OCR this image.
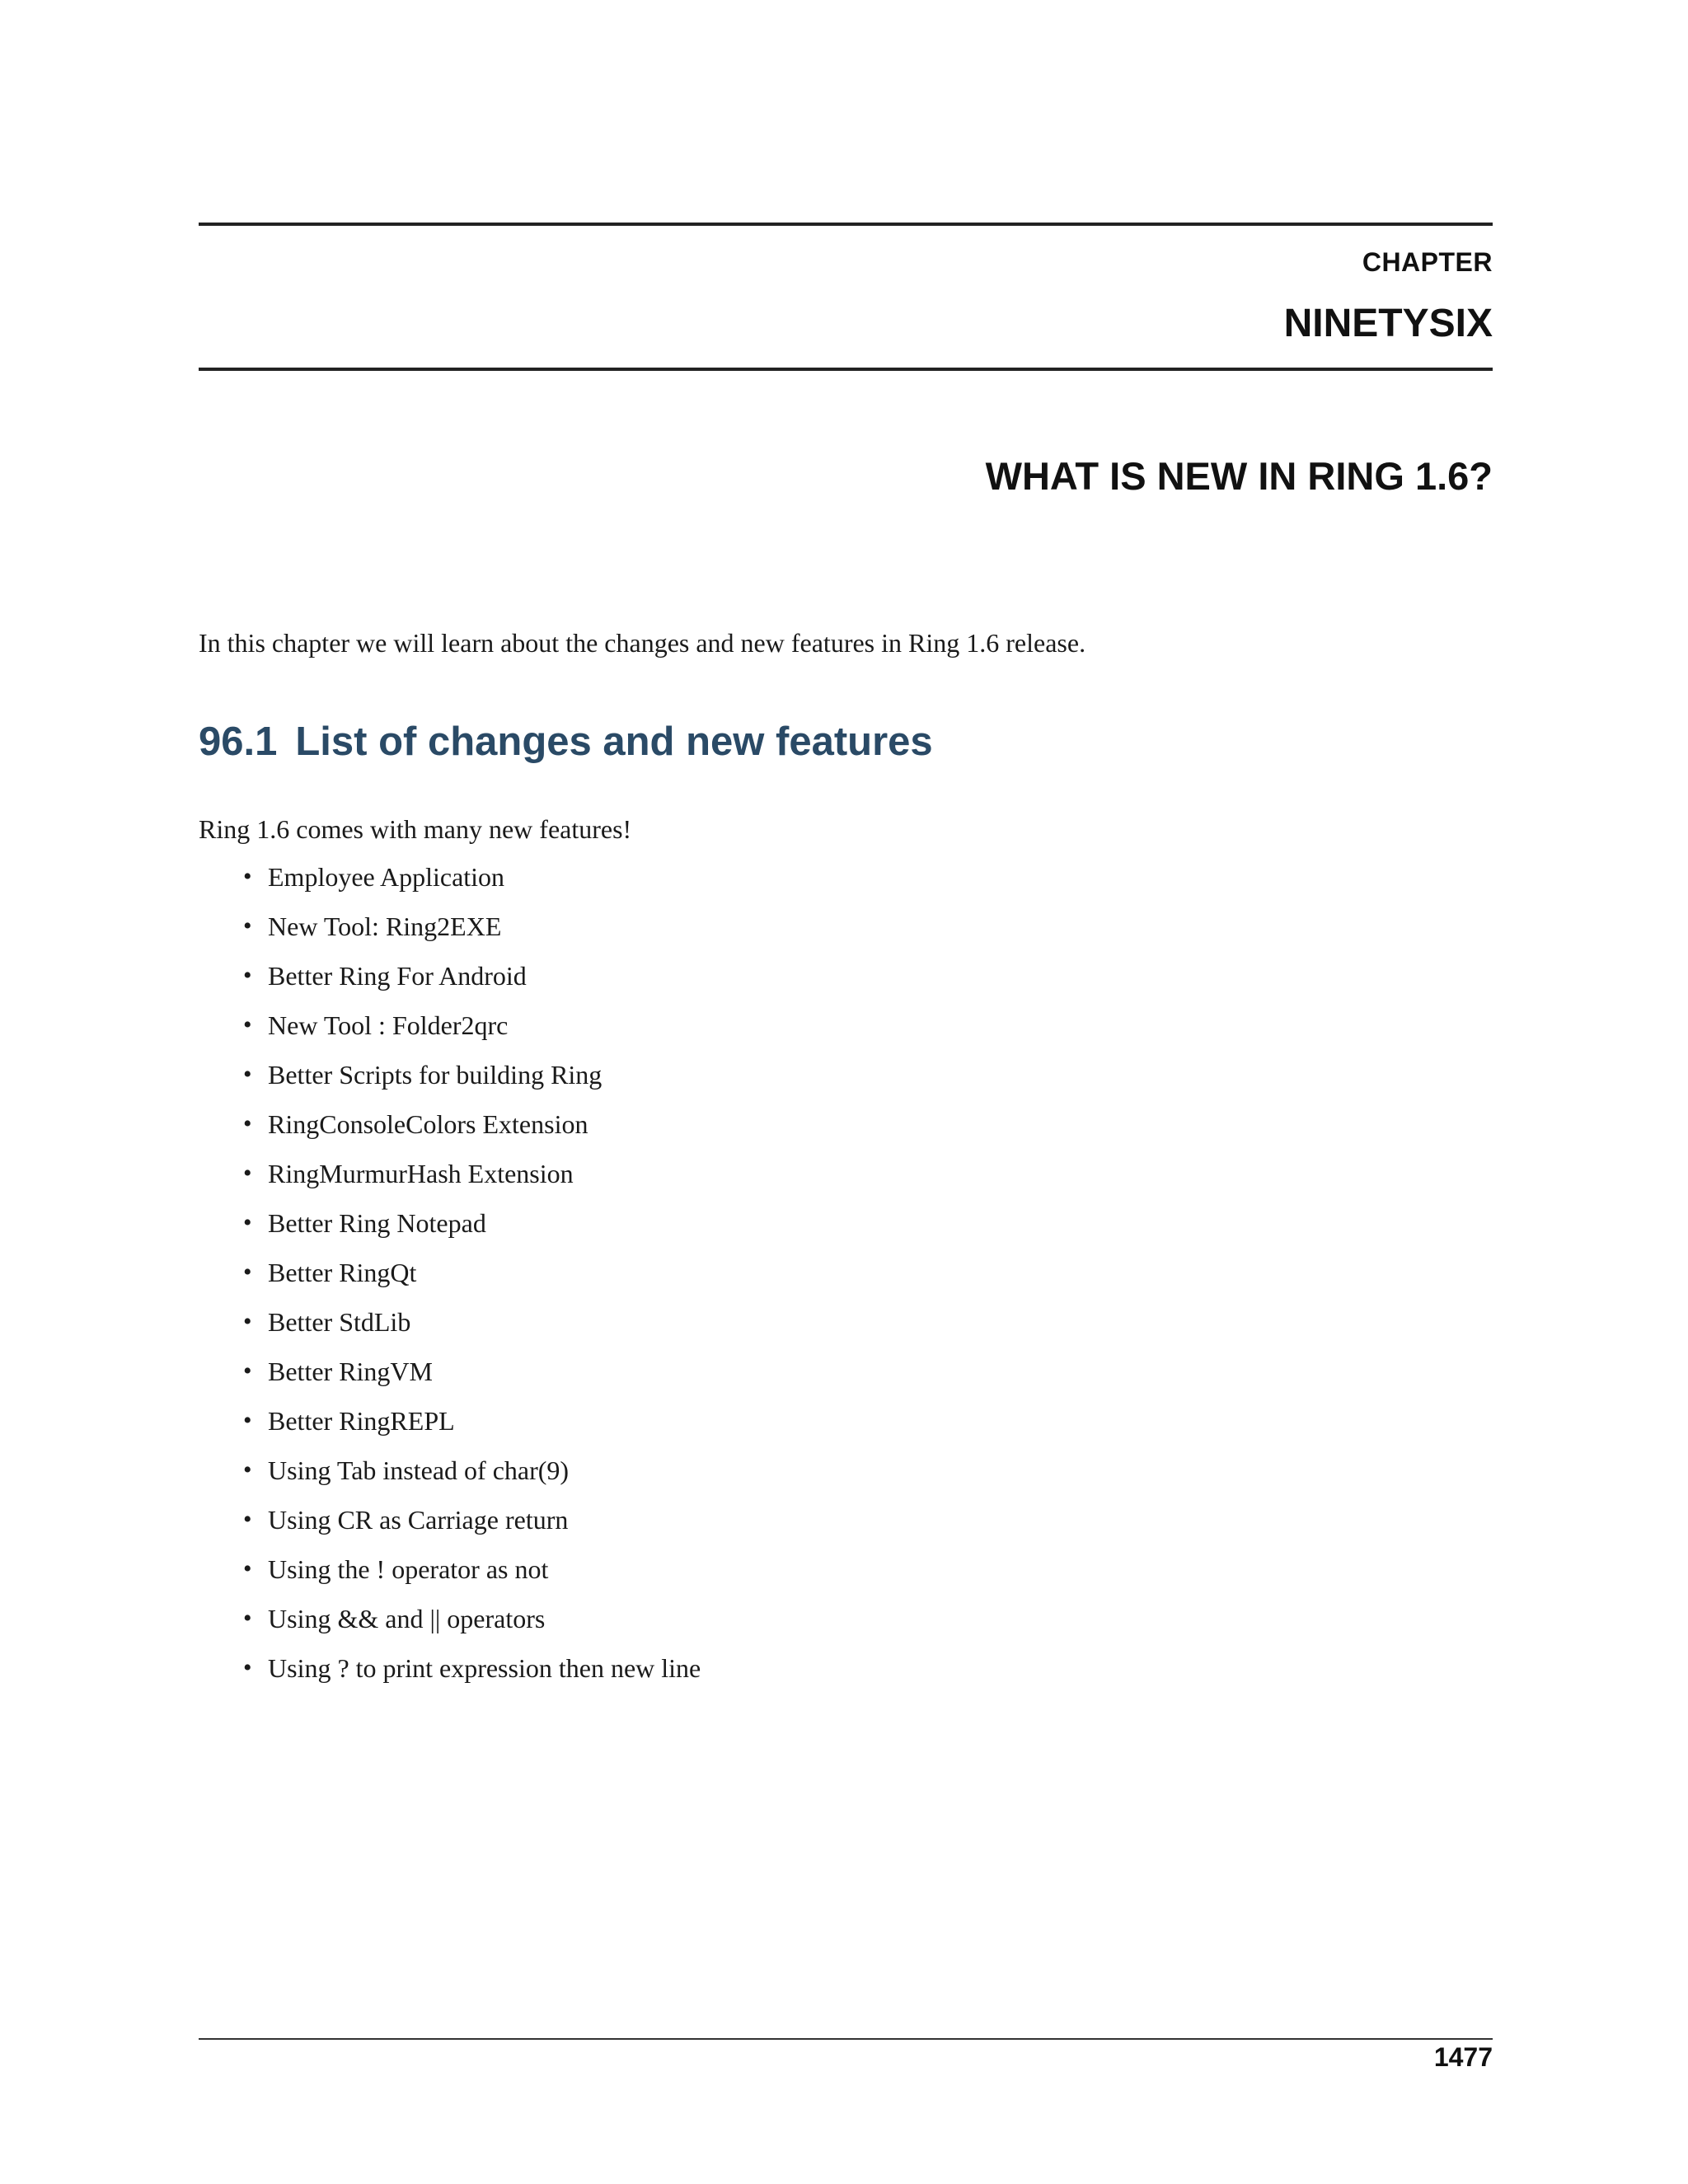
CHAPTER
NINETYSIX
WHAT IS NEW IN RING 1.6?

In this chapter we will learn about the changes and new features in Ring 1.6 release.

96.1 List of changes and new features

Ring 1.6 comes with many new features!

• Employee Application
• New Tool: Ring2EXE
• Better Ring For Android
• New Tool : Folder2qrc
• Better Scripts for building Ring
• RingConsoleColors Extension
• RingMurmurHash Extension
• Better Ring Notepad
• Better RingQt
• Better StdLib
• Better RingVM
• Better RingREPL
• Using Tab instead of char(9)
• Using CR as Carriage return
• Using the ! operator as not
• Using && and || operators
• Using ? to print expression then new line
1477
